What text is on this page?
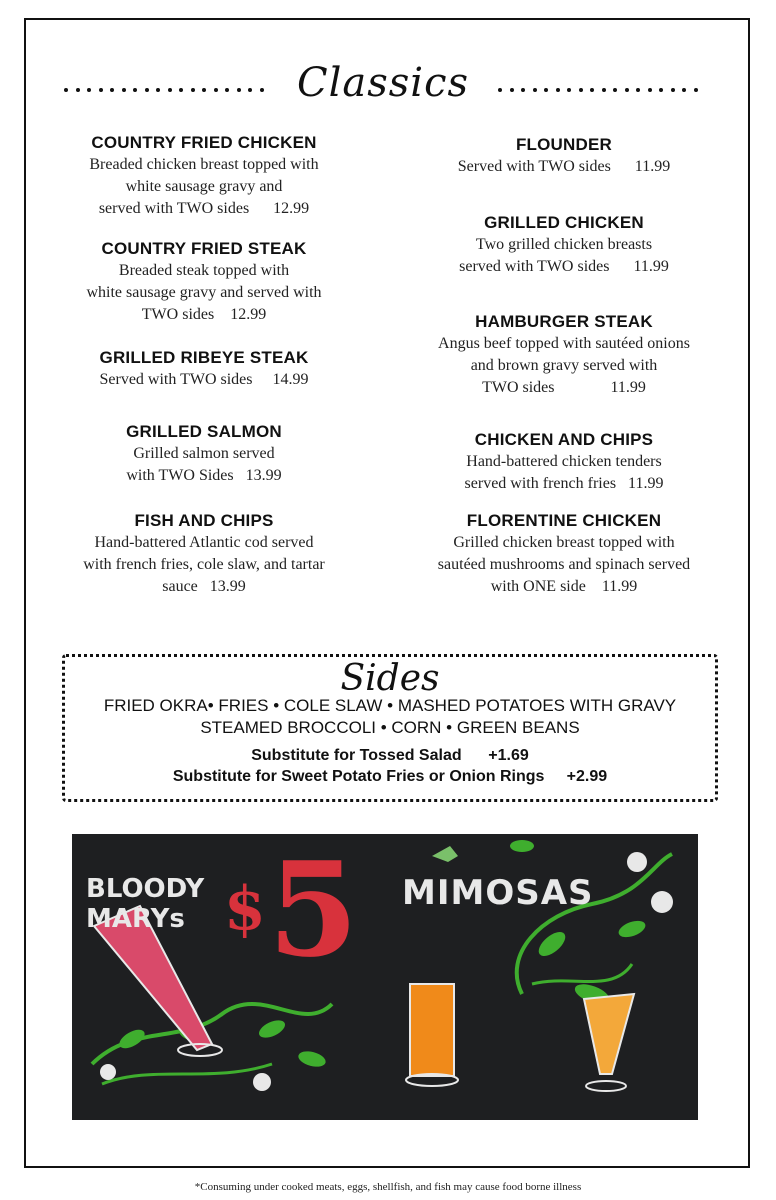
Classics
COUNTRY FRIED CHICKEN
Breaded chicken breast topped with
white sausage gravy and
served with TWO sides      12.99
COUNTRY FRIED STEAK
Breaded steak topped with
white sausage gravy and served with
TWO sides    12.99
GRILLED RIBEYE STEAK
Served with TWO sides     14.99
GRILLED SALMON
Grilled salmon served
with TWO Sides   13.99
FISH AND CHIPS
Hand-battered Atlantic cod served
with french fries, cole slaw, and tartar
sauce   13.99
FLOUNDER
Served with TWO sides      11.99
GRILLED CHICKEN
Two grilled chicken breasts
served with TWO sides      11.99
HAMBURGER STEAK
Angus beef topped with sautéed onions
and brown gravy served with
TWO sides              11.99
CHICKEN AND CHIPS
Hand-battered chicken tenders
served with french fries   11.99
FLORENTINE CHICKEN
Grilled chicken breast topped with
sautéed mushrooms and spinach served
with ONE side    11.99
Sides
FRIED OKRA• FRIES • COLE SLAW • MASHED POTATOES WITH GRAVY
STEAMED BROCCOLI • CORN • GREEN BEANS
Substitute for Tossed Salad      +1.69
Substitute for Sweet Potato Fries or Onion Rings     +2.99
BLOODY
MARYs $ 5 MIMOSAS
*Consuming under cooked meats, eggs, shellfish, and fish may cause food borne illness
